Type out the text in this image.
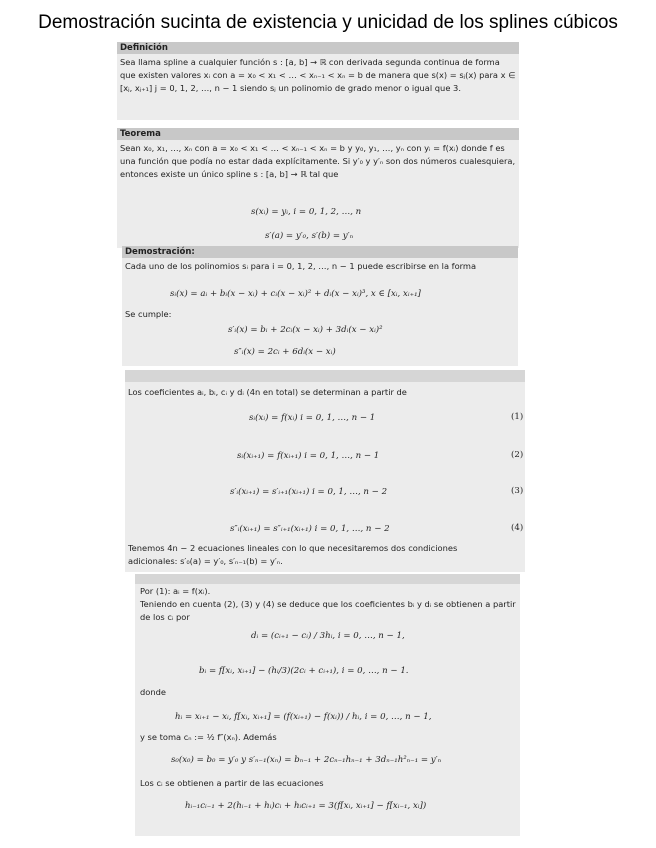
Demostración sucinta de existencia y unicidad de los splines cúbicos
Definición
Sea llama spline a cualquier función s : [a, b] → ℝ con derivada segunda continua de forma que existen valores xᵢ con a = x₀ < x₁ < … < xₙ₋₁ < xₙ = b de manera que s(x) = sⱼ(x) para x ∈ [xⱼ, xⱼ₊₁] j = 0, 1, 2, …, n − 1 siendo sⱼ un polinomio de grado menor o igual que 3.
Teorema
Sean x₀, x₁, …, xₙ con a = x₀ < x₁ < … < xₙ₋₁ < xₙ = b y y₀, y₁, …, yₙ con yᵢ = f(xᵢ) donde f es una función que podía no estar dada explícitamente. Si y′₀ y y′ₙ son dos números cualesquiera, entonces existe un único spline s : [a, b] → ℝ tal que
s(xᵢ) = yᵢ, i = 0, 1, 2, …, n
s′(a) = y′₀, s′(b) = y′ₙ
Demostración:
Cada uno de los polinomios sᵢ para i = 0, 1, 2, …, n − 1 puede escribirse en la forma
sᵢ(x) = aᵢ + bᵢ(x − xᵢ) + cᵢ(x − xᵢ)² + dᵢ(x − xᵢ)³, x ∈ [xᵢ, xᵢ₊₁]
Se cumple:
s′ᵢ(x) = bᵢ + 2cᵢ(x − xᵢ) + 3dᵢ(x − xᵢ)²
s″ᵢ(x) = 2cᵢ + 6dᵢ(x − xᵢ)
Los coeficientes aᵢ, bᵢ, cᵢ y dᵢ (4n en total) se determinan a partir de
sᵢ(xᵢ) = f(xᵢ) i = 0, 1, …, n − 1	(1)
sᵢ(xᵢ₊₁) = f(xᵢ₊₁) i = 0, 1, …, n − 1	(2)
s′ᵢ(xᵢ₊₁) = s′ᵢ₊₁(xᵢ₊₁) i = 0, 1, …, n − 2	(3)
s″ᵢ(xᵢ₊₁) = s″ᵢ₊₁(xᵢ₊₁) i = 0, 1, …, n − 2	(4)
Tenemos 4n − 2 ecuaciones lineales con lo que necesitaremos dos condiciones adicionales: s′₀(a) = y′₀, s′ₙ₋₁(b) = y′ₙ.
Por (1): aᵢ = f(xᵢ).
Teniendo en cuenta (2), (3) y (4) se deduce que los coeficientes bᵢ y dᵢ se obtienen a partir de los cᵢ por
dᵢ = (cᵢ₊₁ − cᵢ) / 3hᵢ, i = 0, …, n − 1,
bᵢ = f[xᵢ, xᵢ₊₁] − (hᵢ/3)(2cᵢ + cᵢ₊₁), i = 0, …, n − 1.
donde
hᵢ = xᵢ₊₁ − xᵢ, f[xᵢ, xᵢ₊₁] = (f(xᵢ₊₁) − f(xᵢ)) / hᵢ, i = 0, …, n − 1,
y se toma cₙ := ½ f″(xₙ). Además
s₀(x₀) = b₀ = y′₀ y s′ₙ₋₁(xₙ) = bₙ₋₁ + 2cₙ₋₁hₙ₋₁ + 3dₙ₋₁h²ₙ₋₁ = y′ₙ
Los cᵢ se obtienen a partir de las ecuaciones
hᵢ₋₁cᵢ₋₁ + 2(hᵢ₋₁ + hᵢ)cᵢ + hᵢcᵢ₊₁ = 3(f[xᵢ, xᵢ₊₁] − f[xᵢ₋₁, xᵢ])
